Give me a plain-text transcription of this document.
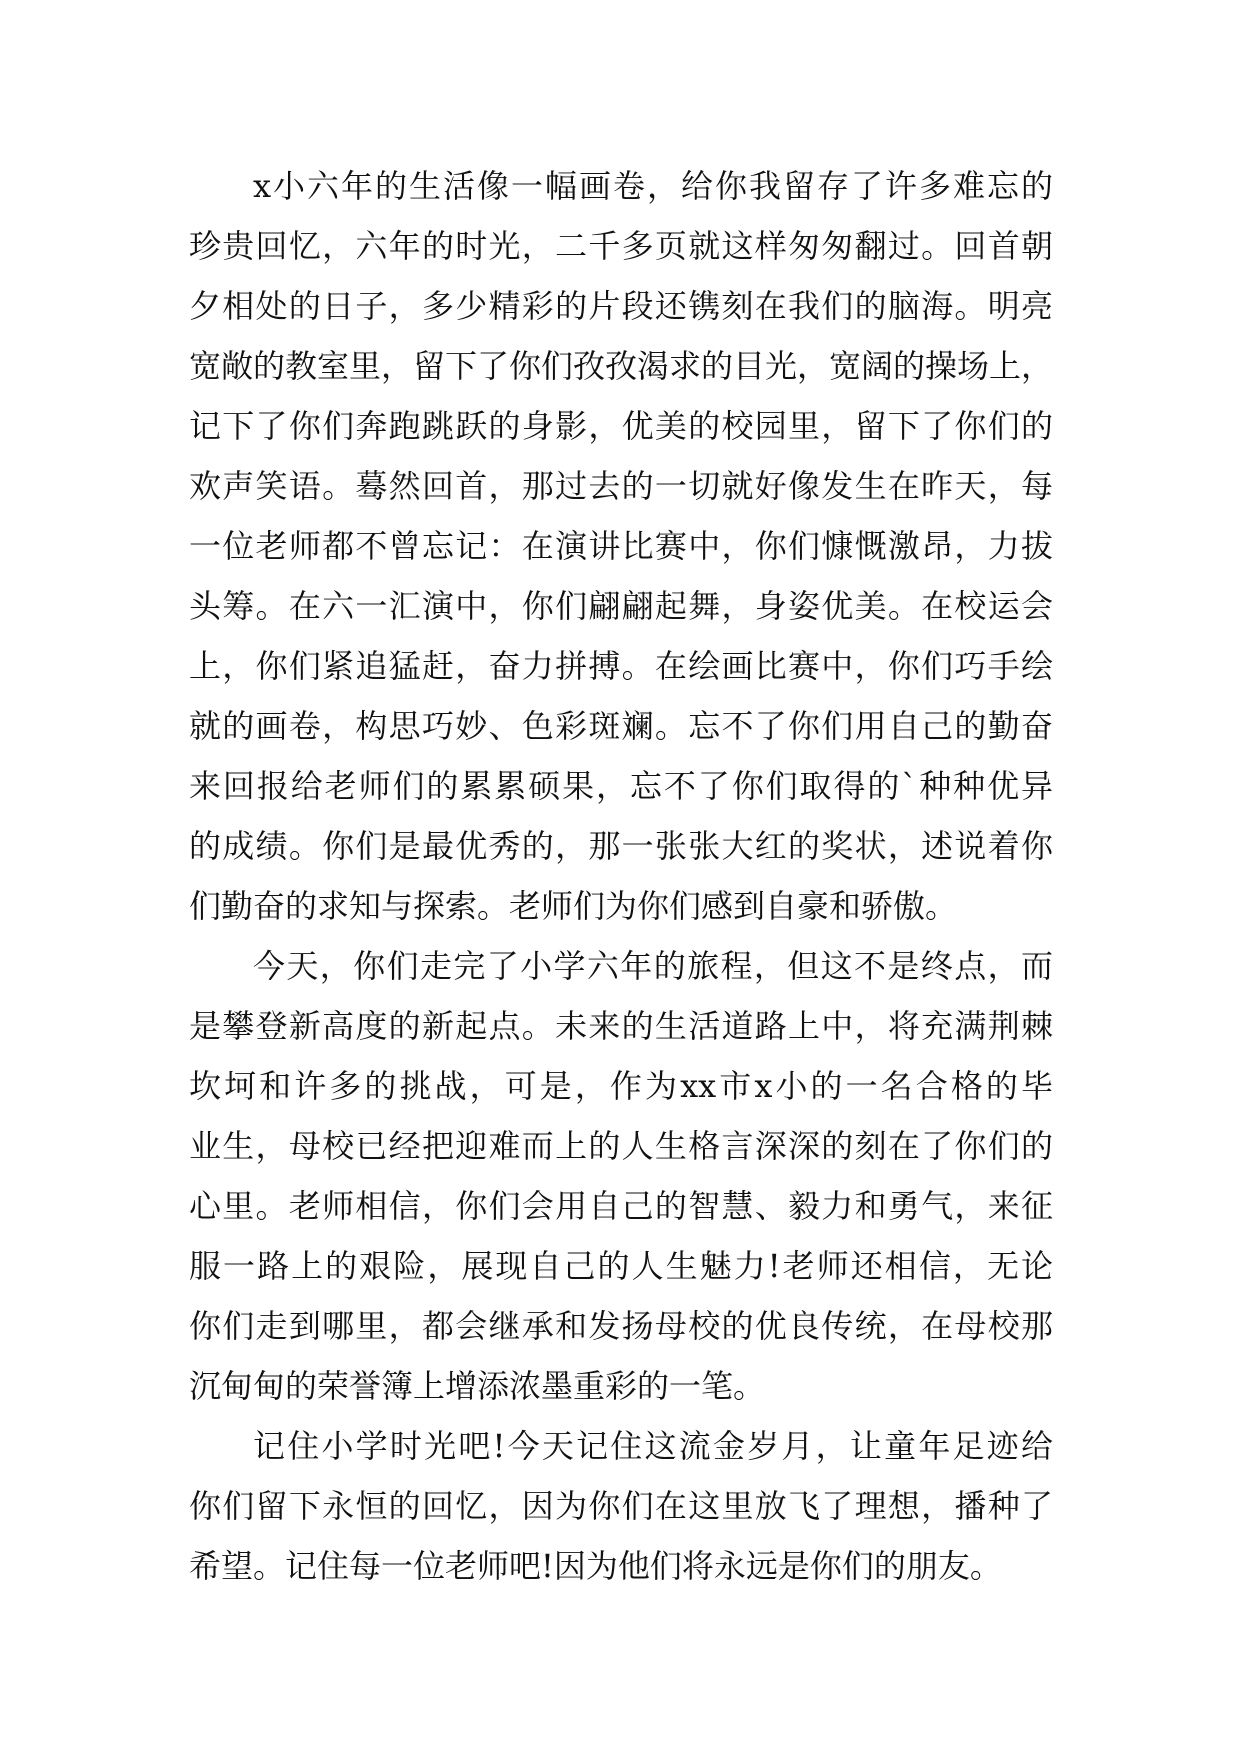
x小六年的生活像一幅画卷，给你我留存了许多难忘的
珍贵回忆，六年的时光，二千多页就这样匆匆翻过。回首朝
夕相处的日子，多少精彩的片段还镌刻在我们的脑海。明亮
宽敞的教室里，留下了你们孜孜渴求的目光，宽阔的操场上，
记下了你们奔跑跳跃的身影，优美的校园里，留下了你们的
欢声笑语。蓦然回首，那过去的一切就好像发生在昨天，每
一位老师都不曾忘记：在演讲比赛中，你们慷慨激昂，力拔
头筹。在六一汇演中，你们翩翩起舞，身姿优美。在校运会
上，你们紧追猛赶，奋力拼搏。在绘画比赛中，你们巧手绘
就的画卷，构思巧妙、色彩斑斓。忘不了你们用自己的勤奋
来回报给老师们的累累硕果，忘不了你们取得的`种种优异
的成绩。你们是最优秀的，那一张张大红的奖状，述说着你
们勤奋的求知与探索。老师们为你们感到自豪和骄傲。
今天，你们走完了小学六年的旅程，但这不是终点，而
是攀登新高度的新起点。未来的生活道路上中，将充满荆棘
坎坷和许多的挑战，可是，作为xx市x小的一名合格的毕
业生，母校已经把迎难而上的人生格言深深的刻在了你们的
心里。老师相信，你们会用自己的智慧、毅力和勇气，来征
服一路上的艰险，展现自己的人生魅力!老师还相信，无论
你们走到哪里，都会继承和发扬母校的优良传统，在母校那
沉甸甸的荣誉簿上增添浓墨重彩的一笔。
记住小学时光吧!今天记住这流金岁月，让童年足迹给
你们留下永恒的回忆，因为你们在这里放飞了理想，播种了
希望。记住每一位老师吧!因为他们将永远是你们的朋友。
